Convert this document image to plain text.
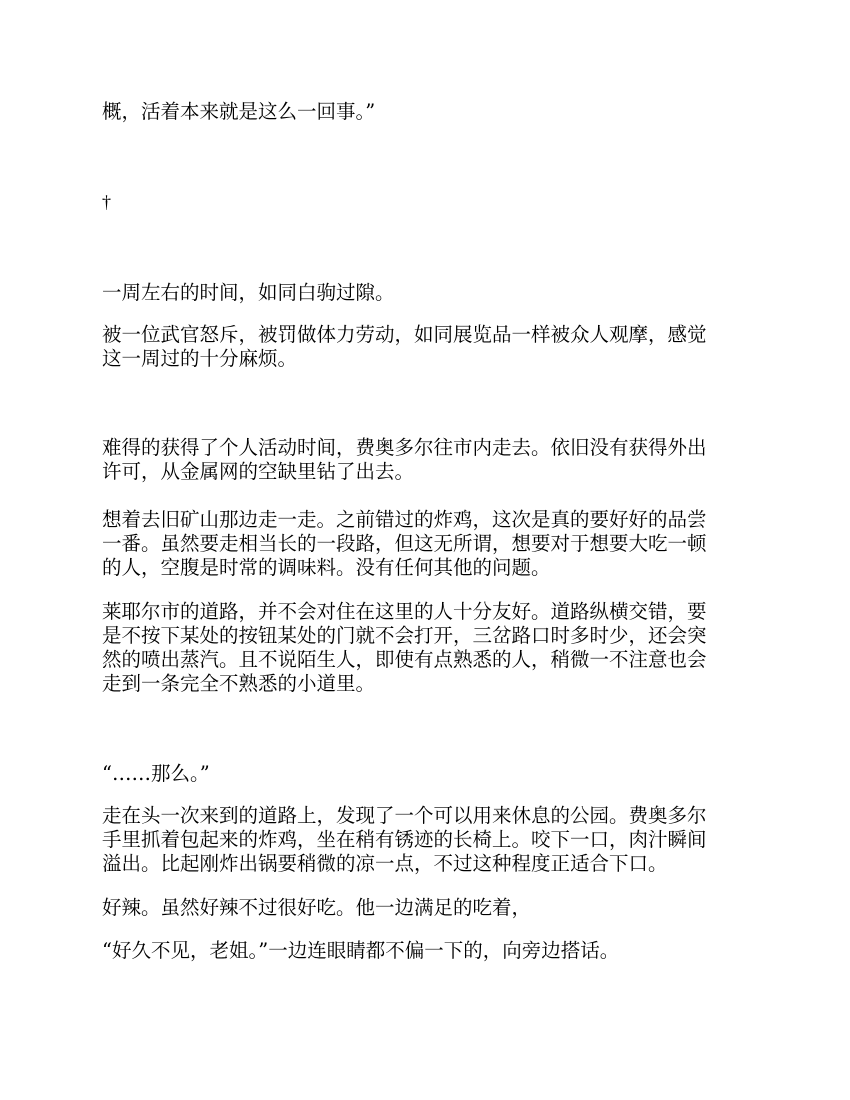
概，活着本来就是这么一回事。”

†

一周左右的时间，如同白驹过隙。

被一位武官怒斥，被罚做体力劳动，如同展览品一样被众人观摩，感觉
这一周过的十分麻烦。

难得的获得了个人活动时间，费奥多尔往市内走去。依旧没有获得外出
许可，从金属网的空缺里钻了出去。

想着去旧矿山那边走一走。之前错过的炸鸡，这次是真的要好好的品尝
一番。虽然要走相当长的一段路，但这无所谓，想要对于想要大吃一顿
的人，空腹是时常的调味料。没有任何其他的问题。

莱耶尔市的道路，并不会对住在这里的人十分友好。道路纵横交错，要
是不按下某处的按钮某处的门就不会打开，三岔路口时多时少，还会突
然的喷出蒸汽。且不说陌生人，即使有点熟悉的人，稍微一不注意也会
走到一条完全不熟悉的小道里。

“……那么。”

走在头一次来到的道路上，发现了一个可以用来休息的公园。费奥多尔
手里抓着包起来的炸鸡，坐在稍有锈迹的长椅上。咬下一口，肉汁瞬间
溢出。比起刚炸出锅要稍微的凉一点，不过这种程度正适合下口。

好辣。虽然好辣不过很好吃。他一边满足的吃着，

“好久不见，老姐。”一边连眼睛都不偏一下的，向旁边搭话。
